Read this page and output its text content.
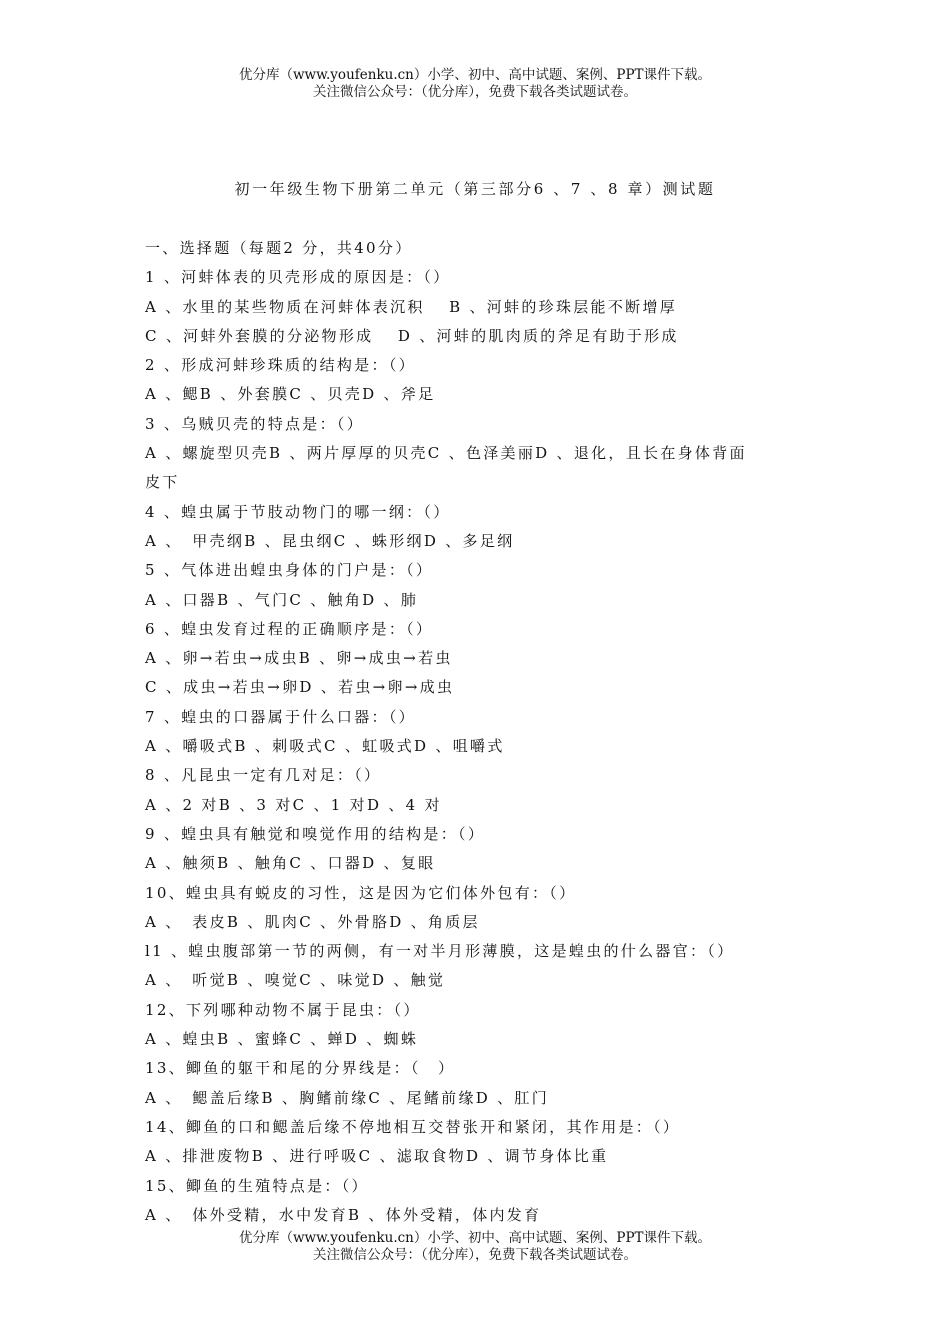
优分库（www.youfenku.cn）小学、初中、高中试题、案例、PPT课件下载。
关注微信公众号：（优分库），免费下载各类试题试卷。
初一年级生物下册第二单元（第三部分6 、7 、8 章）测试题
一、选择题（每题2 分，共40分）
1 、河蚌体表的贝壳形成的原因是：（）
A 、水里的某些物质在河蚌体表沉积　 B 、河蚌的珍珠层能不断增厚
C 、河蚌外套膜的分泌物形成　 D 、河蚌的肌肉质的斧足有助于形成
2 、形成河蚌珍珠质的结构是：（）
A 、鳃B 、外套膜C 、贝壳D 、斧足
3 、乌贼贝壳的特点是：（）
A 、螺旋型贝壳B 、两片厚厚的贝壳C 、色泽美丽D 、退化，且长在身体背面
皮下
4 、蝗虫属于节肢动物门的哪一纲：（）
A 、　甲壳纲B 、昆虫纲C 、蛛形纲D 、多足纲
5 、气体进出蝗虫身体的门户是：（）
A 、口器B 、气门C 、触角D 、肺
6 、蝗虫发育过程的正确顺序是：（）
A 、卵→若虫→成虫B 、卵→成虫→若虫
C 、成虫→若虫→卵D 、若虫→卵→成虫
7 、蝗虫的口器属于什么口器：（）
A 、嚼吸式B 、刺吸式C 、虹吸式D 、咀嚼式
8 、凡昆虫一定有几对足：（）
A 、2 对B 、3 对C 、1 对D 、4 对
9 、蝗虫具有触觉和嗅觉作用的结构是：（）
A 、触须B 、触角C 、口器D 、复眼
10、蝗虫具有蜕皮的习性，这是因为它们体外包有：（）
A 、　表皮B 、肌肉C 、外骨胳D 、角质层
l1 、蝗虫腹部第一节的两侧，有一对半月形薄膜，这是蝗虫的什么器官：（）
A 、　听觉B 、嗅觉C 、味觉D 、触觉
12、下列哪种动物不属于昆虫：（）
A 、蝗虫B 、蜜蜂C 、蝉D 、蜘蛛
13、鲫鱼的躯干和尾的分界线是：（　）
A 、　鳃盖后缘B 、胸鳍前缘C 、尾鳍前缘D 、肛门
14、鲫鱼的口和鳃盖后缘不停地相互交替张开和紧闭，其作用是：（）
A 、排泄废物B 、进行呼吸C 、滤取食物D 、调节身体比重
15、鲫鱼的生殖特点是：（）
A 、　体外受精，水中发育B 、体外受精，体内发育
优分库（www.youfenku.cn）小学、初中、高中试题、案例、PPT课件下载。
关注微信公众号：（优分库），免费下载各类试题试卷。
